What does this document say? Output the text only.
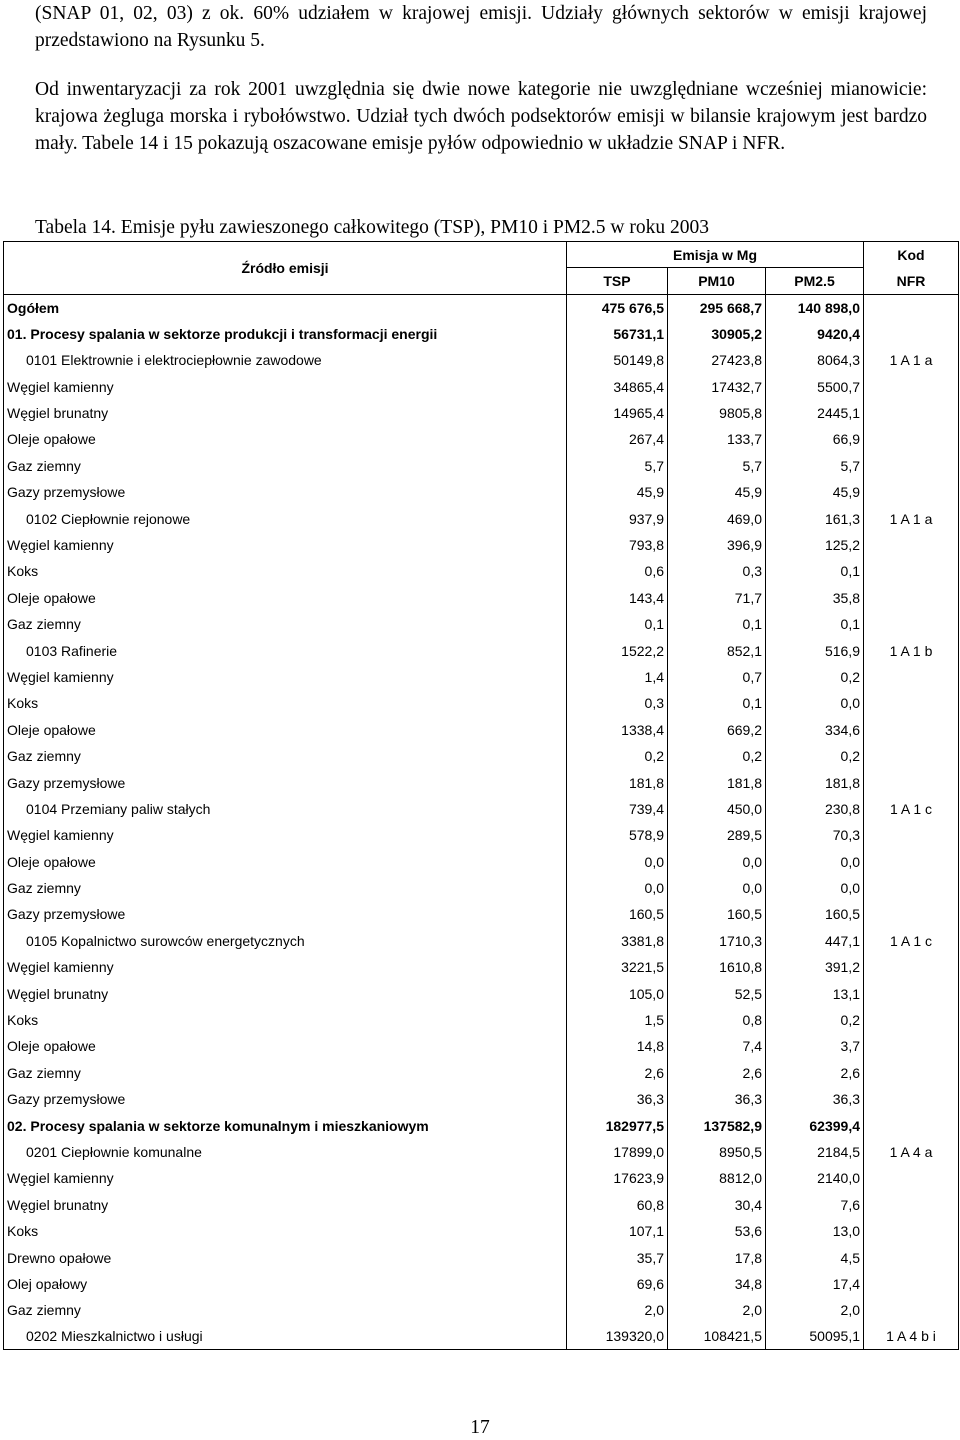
(SNAP 01, 02, 03) z ok. 60% udziałem w krajowej emisji. Udziały głównych sektorów w emisji krajowej przedstawiono na Rysunku 5.

Od inwentaryzacji za rok 2001 uwzględnia się dwie nowe kategorie nie uwzględniane wcześniej mianowicie: krajowa żegluga morska i rybołówstwo. Udział tych dwóch podsektorów emisji w bilansie krajowym jest bardzo mały. Tabele 14 i 15 pokazują oszacowane emisje pyłów odpowiednio w układzie SNAP i NFR.

Tabela 14. Emisje pyłu zawieszonego całkowitego (TSP), PM10 i PM2.5 w roku 2003
Źródło emisji	Emisja w Mg			Kod
	TSP	PM10	PM2.5	NFR
Ogółem	475 676,5	295 668,7	140 898,0	
01. Procesy spalania w sektorze produkcji i transformacji energii	56731,1	30905,2	9420,4	
0101 Elektrownie i elektrociepłownie zawodowe	50149,8	27423,8	8064,3	1 A 1 a
Węgiel kamienny	34865,4	17432,7	5500,7	
Węgiel brunatny	14965,4	9805,8	2445,1	
Oleje opałowe	267,4	133,7	66,9	
Gaz ziemny	5,7	5,7	5,7	
Gazy przemysłowe	45,9	45,9	45,9	
0102 Ciepłownie rejonowe	937,9	469,0	161,3	1 A 1 a
Węgiel kamienny	793,8	396,9	125,2	
Koks	0,6	0,3	0,1	
Oleje opałowe	143,4	71,7	35,8	
Gaz ziemny	0,1	0,1	0,1	
0103 Rafinerie	1522,2	852,1	516,9	1 A 1 b
Węgiel kamienny	1,4	0,7	0,2	
Koks	0,3	0,1	0,0	
Oleje opałowe	1338,4	669,2	334,6	
Gaz ziemny	0,2	0,2	0,2	
Gazy przemysłowe	181,8	181,8	181,8	
0104 Przemiany paliw stałych	739,4	450,0	230,8	1 A 1 c
Węgiel kamienny	578,9	289,5	70,3	
Oleje opałowe	0,0	0,0	0,0	
Gaz ziemny	0,0	0,0	0,0	
Gazy przemysłowe	160,5	160,5	160,5	
0105 Kopalnictwo surowców energetycznych	3381,8	1710,3	447,1	1 A 1 c
Węgiel kamienny	3221,5	1610,8	391,2	
Węgiel brunatny	105,0	52,5	13,1	
Koks	1,5	0,8	0,2	
Oleje opałowe	14,8	7,4	3,7	
Gaz ziemny	2,6	2,6	2,6	
Gazy przemysłowe	36,3	36,3	36,3	
02. Procesy spalania w sektorze komunalnym i mieszkaniowym	182977,5	137582,9	62399,4	
0201 Ciepłownie komunalne	17899,0	8950,5	2184,5	1 A 4 a
Węgiel kamienny	17623,9	8812,0	2140,0	
Węgiel brunatny	60,8	30,4	7,6	
Koks	107,1	53,6	13,0	
Drewno opałowe	35,7	17,8	4,5	
Olej opałowy	69,6	34,8	17,4	
Gaz ziemny	2,0	2,0	2,0	
0202 Mieszkalnictwo i usługi	139320,0	108421,5	50095,1	1 A 4 b i
17
